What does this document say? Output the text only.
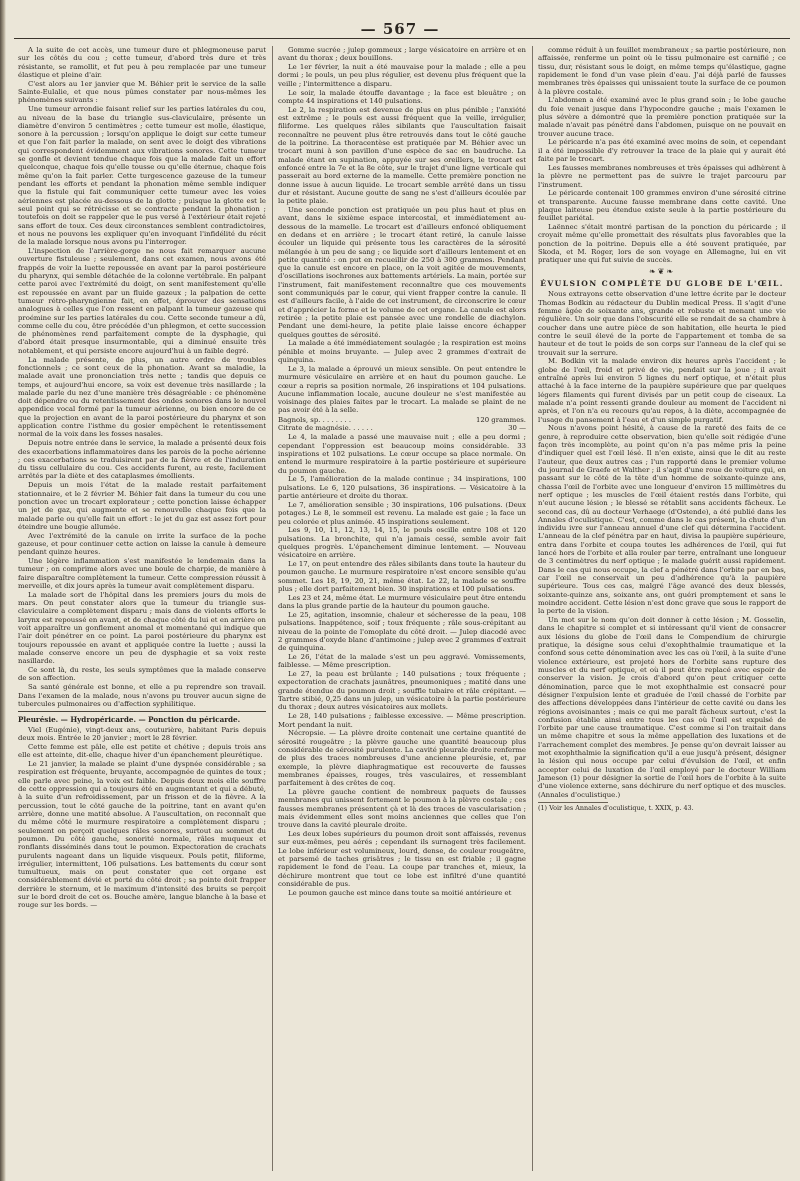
— 567 —

A la suite de cet accès, une tumeur dure et phlegmoneuse parut sur les côtés du cou ; cette tumeur, d'abord très dure et très résistante, se ramollit, et fut peu à peu remplacée par une tumeur élastique et pleine d'air.

C'est alors au 1er janvier que M. Béhier prit le service de la salle Sainte-Eulalie, et que nous pûmes constater par nous-mêmes les phénomènes suivants :

Une tumeur arrondie faisant relief sur les parties latérales du cou, au niveau de la base du triangle sus-claviculaire, présente un diamètre d'environ 5 centimètres ; cette tumeur est molle, élastique, sonore à la percussion ; lorsqu'on applique le doigt sur cette tumeur et que l'on fait parler la malade, on sent avec le doigt des vibrations qui correspondent évidemment aux vibrations sonores. Cette tumeur se gonfle et devient tendue chaque fois que la malade fait un effort quelconque, chaque fois qu'elle tousse ou qu'elle éternue, chaque fois même qu'on la fait parler. Cette turgescence gazeuse de la tumeur pendant les efforts et pendant la phonation même semble indiquer que la fistule qui fait communiquer cette tumeur avec les voies aériennes est placée au-dessous de la glotte ; puisque la glotte est le seul point qui se rétrécisse et se contracte pendant la phonation ; toutefois on doit se rappeler que le pus versé à l'extérieur était rejeté sans effort de toux. Ces deux circonstances semblent contradictoires, et nous ne pouvons les expliquer qu'en invoquant l'infidélité du récit de la malade lorsque nous avons pu l'interroger.

L'inspection de l'arrière-gorge ne nous fait remarquer aucune ouverture fistuleuse ; seulement, dans cet examen, nous avons été frappés de voir la luette repoussée en avant par la paroi postérieure du pharynx, qui semble détachée de la colonne vertébrale. En palpant cette paroi avec l'extrémité du doigt, on sent manifestement qu'elle est repoussée en avant par un fluide gazeux ; la palpation de cette tumeur rétro-pharyngienne fait, en effet, éprouver des sensations analogues à celles que l'on ressent en palpant la tumeur gazeuse qui proémine sur les parties latérales du cou. Cette seconde tumeur a dû, comme celle du cou, être précédée d'un phlegmon, et cette succession de phénomènes rend parfaitement compte de la dysphagie, qui d'abord était presque insurmontable, qui a diminué ensuite très notablement, et qui persiste encore aujourd'hui à un faible degré.

La malade présente, de plus, un autre ordre de troubles fonctionnels ; ce sont ceux de la phonation. Avant sa maladie, la malade avait une prononciation très nette ; tandis que depuis ce temps, et aujourd'hui encore, sa voix est devenue très nasillarde ; la malade parle du nez d'une manière très désagréable : ce phénomène doit dépendre ou du retentissement des ondes sonores dans le nouvel appendice vocal formé par la tumeur aérienne, ou bien encore de ce que la projection en avant de la paroi postérieure du pharynx et son application contre l'isthme du gosier empêchent le retentissement normal de la voix dans les fosses nasales.

Depuis notre entrée dans le service, la malade a présenté deux fois des exacerbations inflammatoires dans les parois de la poche aérienne ; ces exacerbations se traduisirent par de la fièvre et de l'induration du tissu cellulaire du cou. Ces accidents furent, au reste, facilement arrêtés par la diète et des cataplasmes émollients.

Depuis un mois l'état de la malade restait parfaitement stationnaire, et le 2 février M. Béhier fait dans la tumeur du cou une ponction avec un trocart explorateur ; cette ponction laisse échapper un jet de gaz, qui augmente et se renouvelle chaque fois que la malade parle ou qu'elle fait un effort : le jet du gaz est assez fort pour éteindre une bougie allumée.

Avec l'extrémité de la canule on irrite la surface de la poche gazeuse, et pour continuer cette action on laisse la canule à demeure pendant quinze heures.

Une légère inflammation s'est manifestée le lendemain dans la tumeur ; on comprime alors avec une boule de charpie, de manière à faire disparaître complètement la tumeur. Cette compression réussit à merveille, et dix jours après la tumeur avait complètement disparu.

La malade sort de l'hôpital dans les premiers jours du mois de mars. On peut constater alors que la tumeur du triangle sus-claviculaire a complètement disparu ; mais dans de violents efforts le larynx est repoussé en avant, et de chaque côté du lui et en arrière on voit apparaître un gonflement anomal et momentané qui indique que l'air doit pénétrer en ce point. La paroi postérieure du pharynx est toujours repoussée en avant et appliquée contre la luette ; aussi la malade conserve encore un peu de dysphagie et sa voix reste nasillarde.

Ce sont là, du reste, les seuls symptômes que la malade conserve de son affection.

Sa santé générale est bonne, et elle a pu reprendre son travail. Dans l'examen de la malade, nous n'avons pu trouver aucun signe de tubercules pulmonaires ou d'affection syphilitique.

Pleurésie. — Hydropéricarde. — Ponction du péricarde.

Viel (Eugénie), vingt-deux ans, couturière, habitant Paris depuis deux mois. Entrée le 20 janvier ; mort le 28 février.

Cette femme est pâle, elle est petite et chétive ; depuis trois ans elle est atteinte, dit-elle, chaque hiver d'un épanchement pleurétique.

Le 21 janvier, la malade se plaint d'une dyspnée considérable ; sa respiration est fréquente, bruyante, accompagnée de quintes de toux ; elle parle avec peine, la voix est faible. Depuis deux mois elle souffre de cette oppression qui a toujours été en augmentant et qui a débuté, à la suite d'un refroidissement, par un frisson et de la fièvre. A la percussion, tout le côté gauche de la poitrine, tant en avant qu'en arrière, donne une matité absolue. A l'auscultation, on reconnaît que du même côté le murmure respiratoire a complètement disparu ; seulement on perçoit quelques râles sonores, surtout au sommet du poumon. Du côté gauche, sonorité normale, râles muqueux et ronflants disséminés dans tout le poumon. Expectoration de crachats purulents nageant dans un liquide visqueux. Pouls petit, filiforme, irrégulier, intermittent, 106 pulsations. Les battements du cœur sont tumultueux, mais on peut constater que cet organe est considérablement dévié et porté du côté droit ; sa pointe doit frapper derrière le sternum, et le maximum d'intensité des bruits se perçoit sur le bord droit de cet os. Bouche amère, langue blanche à la base et rouge sur les bords. —

Gomme sucrée ; julep gommeux ; large vésicatoire en arrière et en avant du thorax ; deux bouillons.

Le 1er février, la nuit a été mauvaise pour la malade ; elle a peu dormi ; le pouls, un peu plus régulier, est devenu plus fréquent que la veille ; l'intermittence a disparu.

Le soir, la malade étouffe davantage ; la face est bleuâtre ; on compte 44 inspirations et 140 pulsations.

Le 2, la respiration est devenue de plus en plus pénible ; l'anxiété est extrême ; le pouls est aussi fréquent que la veille, irrégulier, filiforme. Les quelques râles sibilants que l'auscultation faisait reconnaître ne peuvent plus être retrouvés dans tout le côté gauche de la poitrine. La thoracentèse est pratiquée par M. Béhier avec un trocart muni à son pavillon d'une espèce de sac en baudruche. La malade étant en supination, appuyée sur ses oreillers, le trocart est enfoncé entre la 7e et la 8e côte, sur le trajet d'une ligne verticale qui passerait au bord externe de la mamelle. Cette première ponction ne donne issue à aucun liquide. Le trocart semble arrêté dans un tissu dur et résistant. Aucune goutte de sang ne s'est d'ailleurs écoulée par la petite plaie.

Une seconde ponction est pratiquée un peu plus haut et plus en avant, dans le sixième espace intercostal, et immédiatement au-dessous de la mamelle. Le trocart est d'ailleurs enfoncé obliquement en dedans et en arrière ; le trocart étant retiré, la canule laisse écouler un liquide qui présente tous les caractères de la sérosité mélangée à un peu de sang ; ce liquide sort d'ailleurs lentement et en petite quantité : on put en recueillir de 250 à 300 grammes. Pendant que la canule est encore en place, on la voit agitée de mouvements, d'oscillations isochrones aux battements artériels. La main, portée sur l'instrument, fait manifestement reconnaître que ces mouvements sont communiqués par le cœur, qui vient frapper contre la canule. Il est d'ailleurs facile, à l'aide de cet instrument, de circonscrire le cœur et d'apprécier la forme et le volume de cet organe. La canule est alors retirée ; la petite plaie est pansée avec une rondelle de diachylon. Pendant une demi-heure, la petite plaie laisse encore échapper quelques gouttes de sérosité.

La malade a été immédiatement soulagée ; la respiration est moins pénible et moins bruyante. — Julep avec 2 grammes d'extrait de quinquina.

Le 3, la malade a éprouvé un mieux sensible. On peut entendre le murmure vésiculaire en arrière et en haut du poumon gauche. Le cœur a repris sa position normale, 26 inspirations et 104 pulsations. Aucune inflammation locale, aucune douleur ne s'est manifestée au voisinage des plaies faites par le trocart. La malade se plaint de ne pas avoir été à la selle.

Bagnols, sp. . . . . . . .	120 grammes.
Citrate de magnésie. . . . . .	30 —

Le 4, la malade a passé une mauvaise nuit ; elle a peu dormi ; cependant l'oppression est beaucoup moins considérable. 33 inspirations et 102 pulsations. Le cœur occupe sa place normale. On entend le murmure respiratoire à la partie postérieure et supérieure du poumon gauche.

Le 5, l'amélioration de la malade continue ; 34 inspirations, 100 pulsations. Le 6, 120 pulsations, 36 inspirations. — Vésicatoire à la partie antérieure et droite du thorax.

Le 7, amélioration sensible ; 30 inspirations, 106 pulsations. (Deux potages.) Le 8, le sommeil est revenu. La malade est gaie ; la face un peu colorée et plus animée. 45 inspirations seulement.

Les 9, 10, 11, 12, 13, 14, 15, le pouls oscille entre 108 et 120 pulsations. La bronchite, qui n'a jamais cessé, semble avoir fait quelques progrès. L'épanchement diminue lentement. — Nouveau vésicatoire en arrière.

Le 17, on peut entendre des râles sibilants dans toute la hauteur du poumon gauche. Le murmure respiratoire n'est encore sensible qu'au sommet. Les 18, 19, 20, 21, même état. Le 22, la malade se souffre plus ; elle dort parfaitement bien. 30 inspirations et 100 pulsations.

Les 23 et 24, même état. Le murmure vésiculaire peut être entendu dans la plus grande partie de la hauteur du poumon gauche.

Le 25, agitation, insomnie, chaleur et sécheresse de la peau, 108 pulsations. Inappétence, soif ; toux fréquente ; râle sous-crépitant au niveau de la pointe de l'omoplate du côté droit. — Julep diacodé avec 2 grammes d'oxyde blanc d'antimoine ; julep avec 2 grammes d'extrait de quinquina.

Le 26, l'état de la malade s'est un peu aggravé. Vomissements, faiblesse. — Même prescription.

Le 27, la peau est brûlante ; 140 pulsations ; toux fréquente ; expectoration de crachats jaunâtres, pneumoniques ; matité dans une grande étendue du poumon droit ; souffle tubaire et râle crépitant. — Tartre stibié, 0,25 dans un julep, un vésicatoire à la partie postérieure du thorax ; deux autres vésicatoires aux mollets.

Le 28, 140 pulsations ; faiblesse excessive. — Même prescription. Mort pendant la nuit.

Nécropsie. — La plèvre droite contenait une certaine quantité de sérosité rougeâtre ; la plèvre gauche une quantité beaucoup plus considérable de sérosité purulente. La cavité pleurale droite renferme de plus des traces nombreuses d'une ancienne pleurésie, et, par exemple, la plèvre diaphragmatique est recouverte de fausses membranes épaisses, rouges, très vasculaires, et ressemblant parfaitement à des crêtes de coq.

La plèvre gauche contient de nombreux paquets de fausses membranes qui unissent fortement le poumon à la plèvre costale ; ces fausses membranes présentent çà et là des traces de vascularisation ; mais évidemment elles sont moins anciennes que celles que l'on trouve dans la cavité pleurale droite.

Les deux lobes supérieurs du poumon droit sont affaissés, revenus sur eux-mêmes, peu aérés ; cependant ils surnagent très facilement. Le lobe inférieur est volumineux, lourd, dense, de couleur rougeâtre, et parsemé de taches grisâtres ; le tissu en est friable ; il gagne rapidement le fond de l'eau. La coupe par tranches et, mieux, la déchirure montrent que tout ce lobe est infiltré d'une quantité considérable de pus.

Le poumon gauche est mince dans toute sa moitié antérieure et

comme réduit à un feuillet membraneux ; sa partie postérieure, non affaissée, renferme un point où le tissu pulmonaire est carnifié ; ce tissu, dur, résistant sous le doigt, en même temps qu'élastique, gagne rapidement le fond d'un vase plein d'eau. J'ai déjà parlé de fausses membranes très épaisses qui unissaient toute la surface de ce poumon à la plèvre costale.

L'abdomen a été examiné avec le plus grand soin ; le lobe gauche du foie venait jusque dans l'hypocondre gauche ; mais l'examen le plus sévère a démontré que la première ponction pratiquée sur la malade n'avait pas pénétré dans l'abdomen, puisque on ne pouvait en trouver aucune trace.

Le péricarde n'a pas été examiné avec moins de soin, et cependant il a été impossible d'y retrouver la trace de la plaie qui y aurait été faite par le trocart.

Les fausses membranes nombreuses et très épaisses qui adhèrent à la plèvre ne permettent pas de suivre le trajet parcouru par l'instrument.

Le péricarde contenait 100 grammes environ d'une sérosité citrine et transparente. Aucune fausse membrane dans cette cavité. Une plaque laiteuse peu étendue existe seule à la partie postérieure du feuillet pariétal.

Laënnec s'était montré partisan de la ponction du péricarde ; il croyait même qu'elle promettait des résultats plus favorables que la ponction de la poitrine. Depuis elle a été souvent pratiquée, par Skoda, et M. Roger, lors de son voyage en Allemagne, lui en vit pratiquer une qui fut suivie de succès.

❧❦❧

ÉVULSION COMPLÈTE DU GLOBE DE L'ŒIL.

Nous extrayons cette observation d'une lettre écrite par le docteur Thomas Bodkin au rédacteur du Dublin medical Press. Il s'agit d'une femme âgée de soixante ans, grande et robuste et menant une vie régulière. Un soir que dans l'obscurité elle se rendait de sa chambre à coucher dans une autre pièce de son habitation, elle heurta le pied contre le seuil élevé de la porte de l'appartement et tomba de sa hauteur et de tout le poids de son corps sur l'anneau de la clef qui se trouvait sur la serrure.

M. Bodkin vit la malade environ dix heures après l'accident ; le globe de l'œil, froid et privé de vie, pendait sur la joue ; il avait entraîné après lui environ 5 lignes du nerf optique, et n'était plus attaché à la face interne de la paupière supérieure que par quelques légers filaments qui furent divisés par un petit coup de ciseaux. La malade n'a point ressenti grande douleur au moment de l'accident ni après, et l'on n'a eu recours qu'au repos, à la diète, accompagnée de l'usage du pansement à l'eau et d'un simple purgatif.

Nous n'avons point hésité, à cause de la rareté des faits de ce genre, à reproduire cette observation, bien qu'elle soit rédigée d'une façon très incomplète, au point qu'on n'a pas même pris la peine d'indiquer quel est l'œil lésé. Il n'en existe, ainsi que le dit au reste l'auteur, que deux autres cas ; l'un rapporté dans le premier volume du journal de Graefe et Walther ; il s'agit d'une roue de voiture qui, en passant sur le côté de la tête d'un homme de soixante-quinze ans, chassa l'œil de l'orbite avec une longueur d'environ 15 millimètres du nerf optique ; les muscles de l'œil étaient restés dans l'orbite, qui n'eut aucune lésion ; le blessé se rétablit sans accidents fâcheux. Le second cas, dû au docteur Verhaege (d'Ostende), a été publié dans les Annales d'oculistique. C'est, comme dans le cas présent, la chute d'un individu ivre sur l'anneau annuel d'une clef qui détermina l'accident. L'anneau de la clef pénétra par en haut, divisa la paupière supérieure, entra dans l'orbite et coupa toutes les adhérences de l'œil, qui fut lancé hors de l'orbite et alla rouler par terre, entraînant une longueur de 3 centimètres du nerf optique ; le malade guérit aussi rapidement. Dans le cas qui nous occupe, la clef a pénétré dans l'orbite par en bas, car l'œil ne conservait un peu d'adhérence qu'à la paupière supérieure. Tous ces cas, malgré l'âge avancé des deux blessés, soixante-quinze ans, soixante ans, ont guéri promptement et sans le moindre accident. Cette lésion n'est donc grave que sous le rapport de la perte de la vision.

Un mot sur le nom qu'on doit donner à cette lésion ; M. Gosselin, dans le chapitre si complet et si intéressant qu'il vient de consacrer aux lésions du globe de l'œil dans le Compendium de chirurgie pratique, la désigne sous celui d'exophthalmie traumatique et la confond sous cette dénomination avec les cas où l'œil, à la suite d'une violence extérieure, est projeté hors de l'orbite sans rupture des muscles et du nerf optique, et où il peut être replacé avec espoir de conserver la vision. Je crois d'abord qu'on peut critiquer cette dénomination, parce que le mot exophthalmie est consacré pour désigner l'expulsion lente et graduée de l'œil chassé de l'orbite par des affections développées dans l'intérieur de cette cavité ou dans les régions avoisinantes ; mais ce qui me paraît fâcheux surtout, c'est la confusion établie ainsi entre tous les cas où l'œil est expulsé de l'orbite par une cause traumatique. C'est comme si l'on traitait dans un même chapitre et sous la même appellation des luxations et de l'arrachement complet des membres. Je pense qu'on devrait laisser au mot exophthalmie la signification qu'il a eue jusqu'à présent, désigner la lésion qui nous occupe par celui d'évulsion de l'œil, et enfin accepter celui de luxation de l'œil employé par le docteur William Jameson (1) pour désigner la sortie de l'œil hors de l'orbite à la suite d'une violence externe, sans déchirure du nerf optique et des muscles. (Annales d'oculistique.)

(1) Voir les Annales d'oculistique, t. XXIX, p. 43.
